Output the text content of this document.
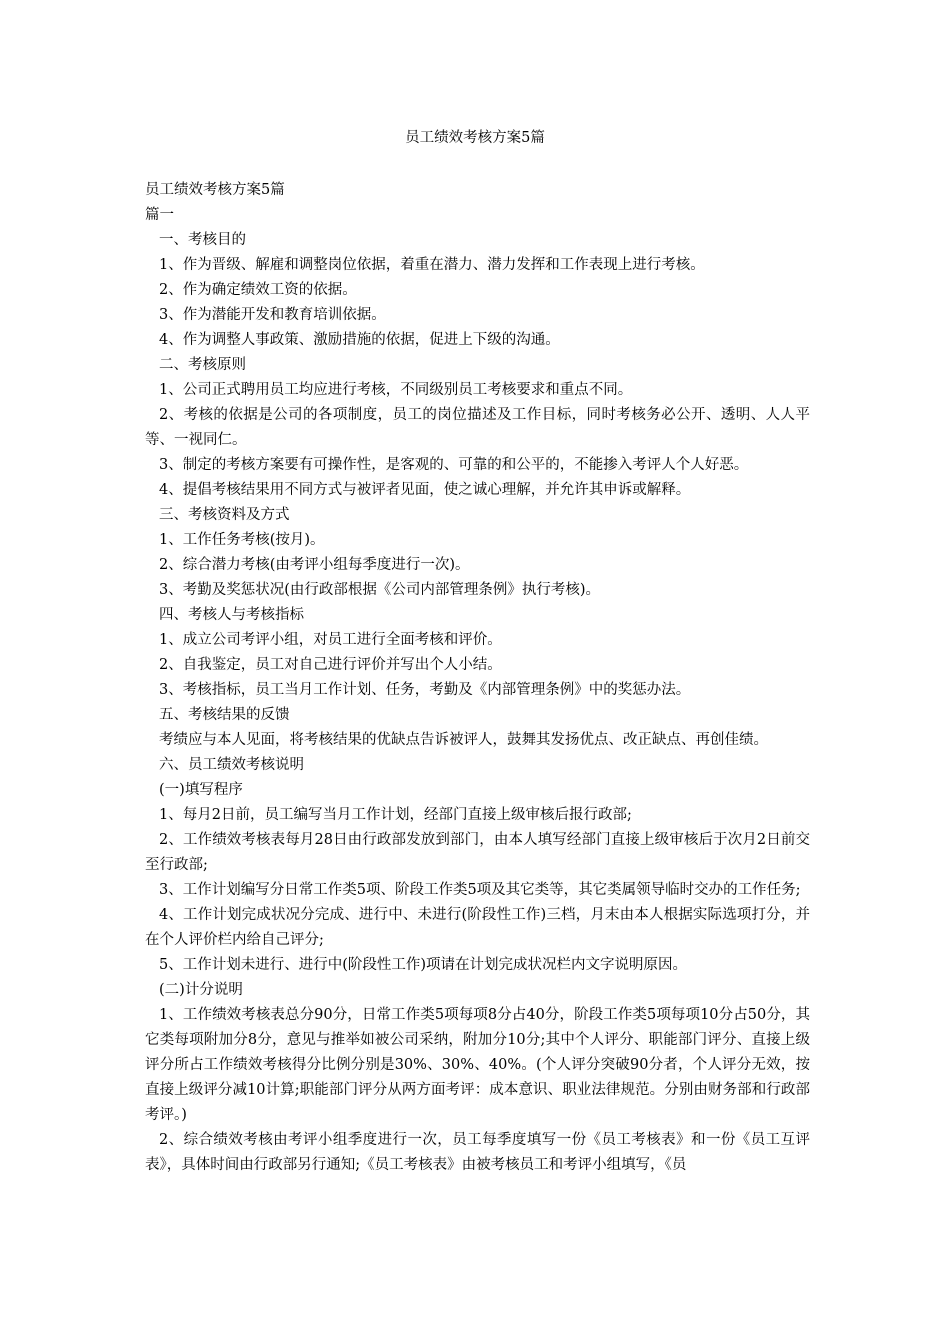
员工绩效考核方案5篇

员工绩效考核方案5篇

篇一

一、考核目的

1、作为晋级、解雇和调整岗位依据，着重在潜力、潜力发挥和工作表现上进行考核。

2、作为确定绩效工资的依据。

3、作为潜能开发和教育培训依据。

4、作为调整人事政策、激励措施的依据，促进上下级的沟通。

二、考核原则

1、公司正式聘用员工均应进行考核，不同级别员工考核要求和重点不同。

2、考核的依据是公司的各项制度，员工的岗位描述及工作目标，同时考核务必公开、透明、人人平等、一视同仁。

3、制定的考核方案要有可操作性，是客观的、可靠的和公平的，不能掺入考评人个人好恶。

4、提倡考核结果用不同方式与被评者见面，使之诚心理解，并允许其申诉或解释。

三、考核资料及方式

1、工作任务考核(按月)。

2、综合潜力考核(由考评小组每季度进行一次)。

3、考勤及奖惩状况(由行政部根据《公司内部管理条例》执行考核)。

四、考核人与考核指标

1、成立公司考评小组，对员工进行全面考核和评价。

2、自我鉴定，员工对自己进行评价并写出个人小结。

3、考核指标，员工当月工作计划、任务，考勤及《内部管理条例》中的奖惩办法。

五、考核结果的反馈

考绩应与本人见面，将考核结果的优缺点告诉被评人，鼓舞其发扬优点、改正缺点、再创佳绩。

六、员工绩效考核说明

(一)填写程序

1、每月2日前，员工编写当月工作计划，经部门直接上级审核后报行政部;

2、工作绩效考核表每月28日由行政部发放到部门，由本人填写经部门直接上级审核后于次月2日前交至行政部;

3、工作计划编写分日常工作类5项、阶段工作类5项及其它类等，其它类属领导临时交办的工作任务;

4、工作计划完成状况分完成、进行中、未进行(阶段性工作)三档，月末由本人根据实际选项打分，并在个人评价栏内给自己评分;

5、工作计划未进行、进行中(阶段性工作)项请在计划完成状况栏内文字说明原因。

(二)计分说明

1、工作绩效考核表总分90分，日常工作类5项每项8分占40分，阶段工作类5项每项10分占50分，其它类每项附加分8分，意见与推举如被公司采纳，附加分10分;其中个人评分、职能部门评分、直接上级评分所占工作绩效考核得分比例分别是30%、30%、40%。(个人评分突破90分者，个人评分无效，按直接上级评分减10计算;职能部门评分从两方面考评：成本意识、职业法律规范。分别由财务部和行政部考评。)

2、综合绩效考核由考评小组季度进行一次，员工每季度填写一份《员工考核表》和一份《员工互评表》，具体时间由行政部另行通知;《员工考核表》由被考核员工和考评小组填写，《员
